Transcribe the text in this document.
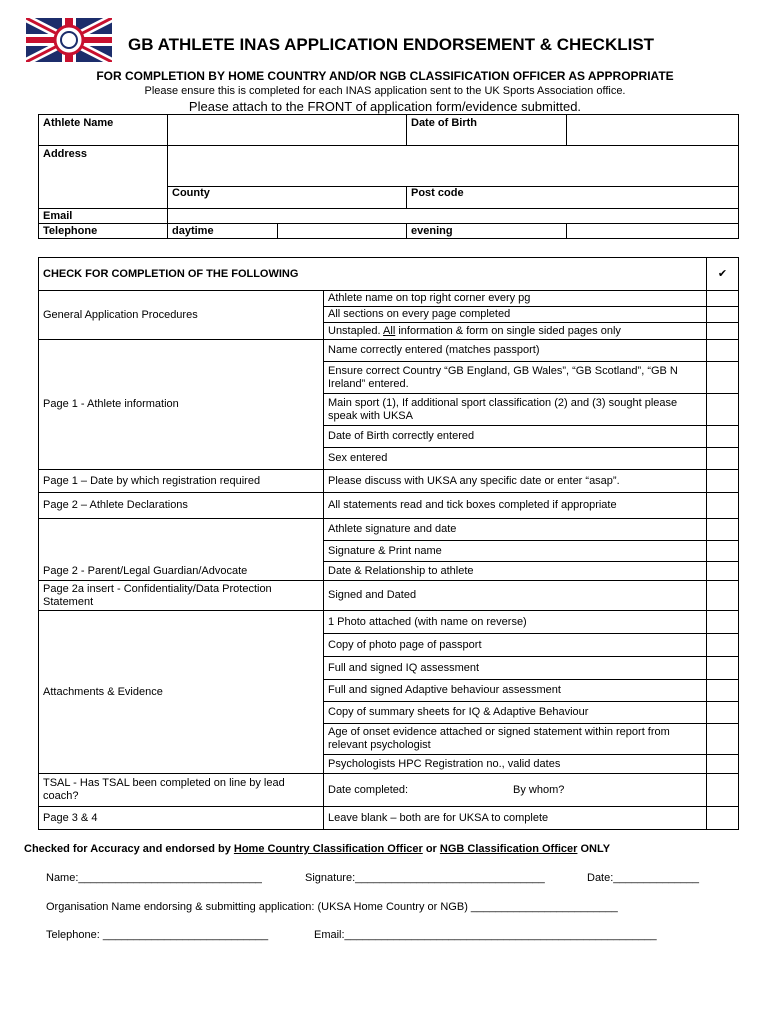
GB ATHLETE INAS APPLICATION ENDORSEMENT & CHECKLIST
FOR COMPLETION BY HOME COUNTRY AND/OR NGB CLASSIFICATION OFFICER AS APPROPRIATE
Please ensure this is completed for each INAS application sent to the UK Sports Association office.
Please attach to the FRONT of application form/evidence submitted.
Athlete Name			Date of Birth	
Address				
	County		Post code	
Email				
Telephone	daytime		evening	
CHECK FOR COMPLETION OF THE FOLLOWING		✔
General Application Procedures	Athlete name on top right corner every pg	
	All sections on every page completed	
	Unstapled. All information & form on single sided pages only	
Page 1 - Athlete information	Name correctly entered (matches passport)	
	Ensure correct Country “GB England, GB Wales”, “GB Scotland”, “GB N Ireland” entered.	
	Main sport (1), If additional sport classification (2) and (3) sought please speak with UKSA	
	Date of Birth correctly entered	
	Sex entered	
Page 1 – Date by which registration required	Please discuss with UKSA any specific date or enter “asap”.	
Page 2 – Athlete Declarations	All statements read and tick boxes completed if appropriate	
Page 2 - Parent/Legal Guardian/Advocate	Athlete signature and date	
	Signature & Print name	
	Date & Relationship to athlete	
Page 2a insert - Confidentiality/Data Protection Statement	Signed and Dated	
Attachments & Evidence	1 Photo attached (with name on reverse)	
	Copy of photo page of passport	
	Full and signed IQ assessment	
	Full and signed Adaptive behaviour assessment	
	Copy of summary sheets for IQ & Adaptive Behaviour	
	Age of onset evidence attached or signed statement within report from relevant psychologist	
	Psychologists HPC Registration no., valid dates	
TSAL - Has TSAL been completed on line by lead coach?	Date completed: By whom?	
Page 3 & 4	Leave blank – both are for UKSA to complete	
Checked for Accuracy and endorsed by Home Country Classification Officer or NGB Classification Officer ONLY
Name:______________________________	Signature:_______________________________	Date:______________
Organisation Name endorsing & submitting application: (UKSA Home Country or NGB) ________________________
Telephone: ___________________________	Email:___________________________________________________
